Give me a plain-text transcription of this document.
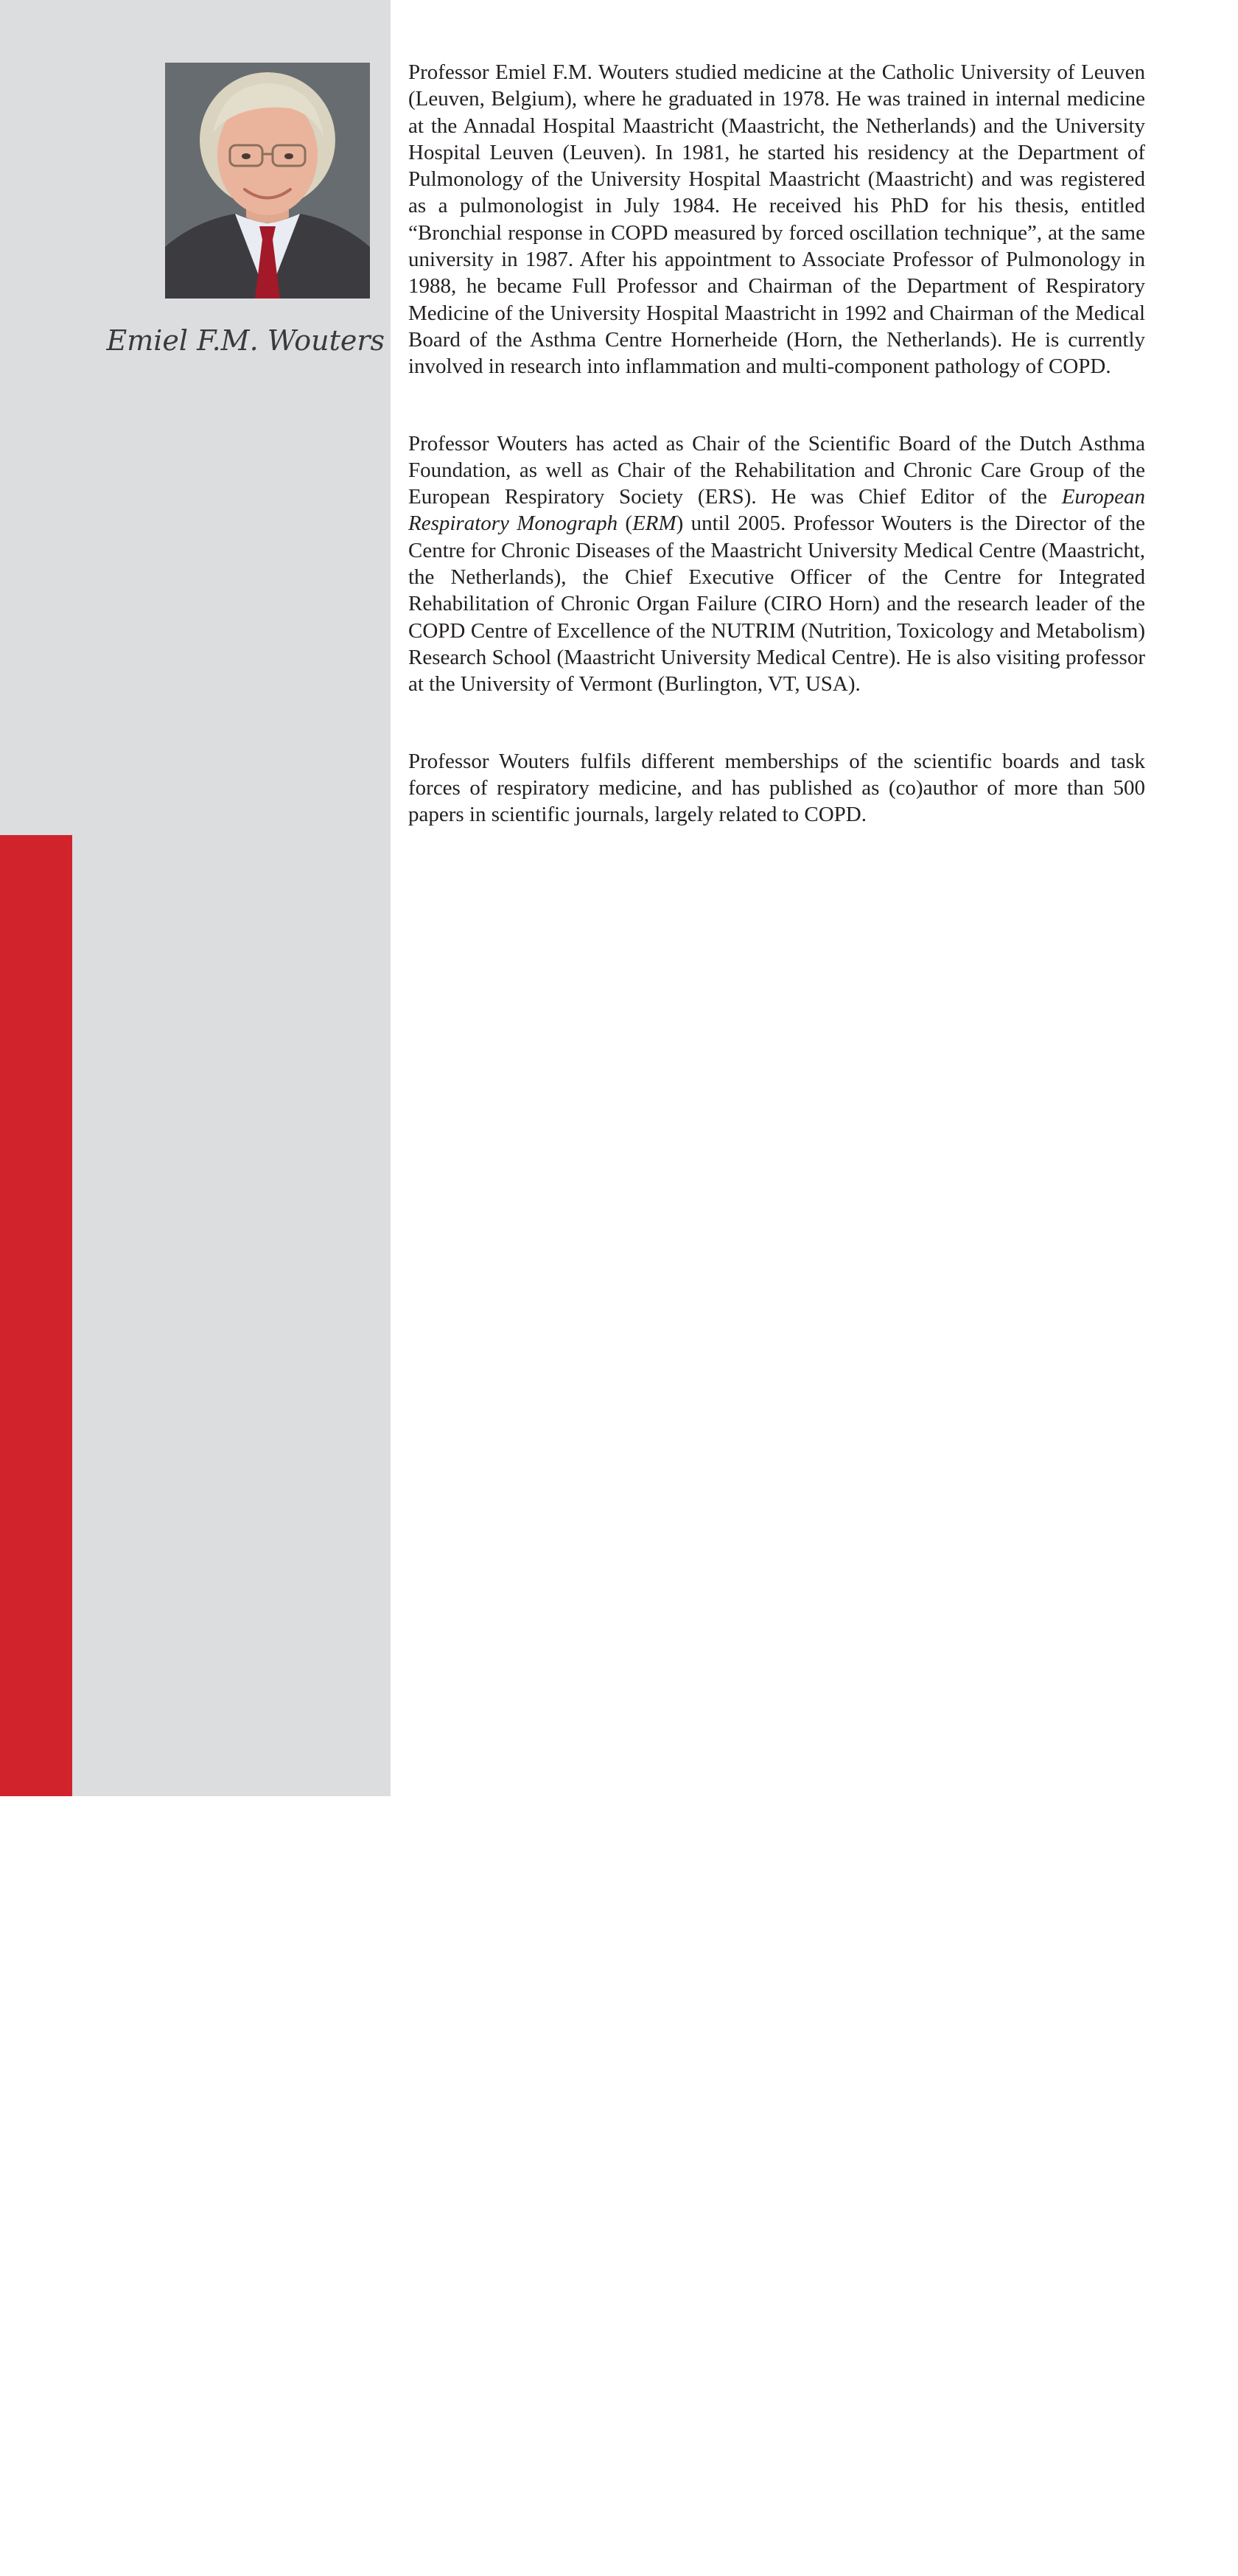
viii
Emiel F.M. Wouters

Professor Emiel F.M. Wouters studied medicine at the Catholic University of Leuven (Leuven, Belgium), where he graduated in 1978. He was trained in internal medicine at the Annadal Hospital Maastricht (Maastricht, the Netherlands) and the University Hospital Leuven (Leuven). In 1981, he started his residency at the Department of Pulmonology of the University Hospital Maastricht (Maastricht) and was registered as a pulmonologist in July 1984. He received his PhD for his thesis, entitled “Bronchial response in COPD measured by forced oscillation technique”, at the same university in 1987. After his appointment to Associate Professor of Pulmonology in 1988, he became Full Professor and Chairman of the Department of Respiratory Medicine of the University Hospital Maastricht in 1992 and Chairman of the Medical Board of the Asthma Centre Hornerheide (Horn, the Netherlands). He is currently involved in research into inflammation and multi-component pathology of COPD.

Professor Wouters has acted as Chair of the Scientific Board of the Dutch Asthma Foundation, as well as Chair of the Rehabilitation and Chronic Care Group of the European Respiratory Society (ERS). He was Chief Editor of the European Respiratory Monograph (ERM) until 2005. Professor Wouters is the Director of the Centre for Chronic Diseases of the Maastricht University Medical Centre (Maastricht, the Netherlands), the Chief Executive Officer of the Centre for Integrated Rehabilitation of Chronic Organ Failure (CIRO Horn) and the research leader of the COPD Centre of Excellence of the NUTRIM (Nutrition, Toxicology and Metabolism) Research School (Maastricht University Medical Centre). He is also visiting professor at the University of Vermont (Burlington, VT, USA).

Professor Wouters fulfils different memberships of the scientific boards and task forces of respiratory medicine, and has published as (co)author of more than 500 papers in scientific journals, largely related to COPD.
